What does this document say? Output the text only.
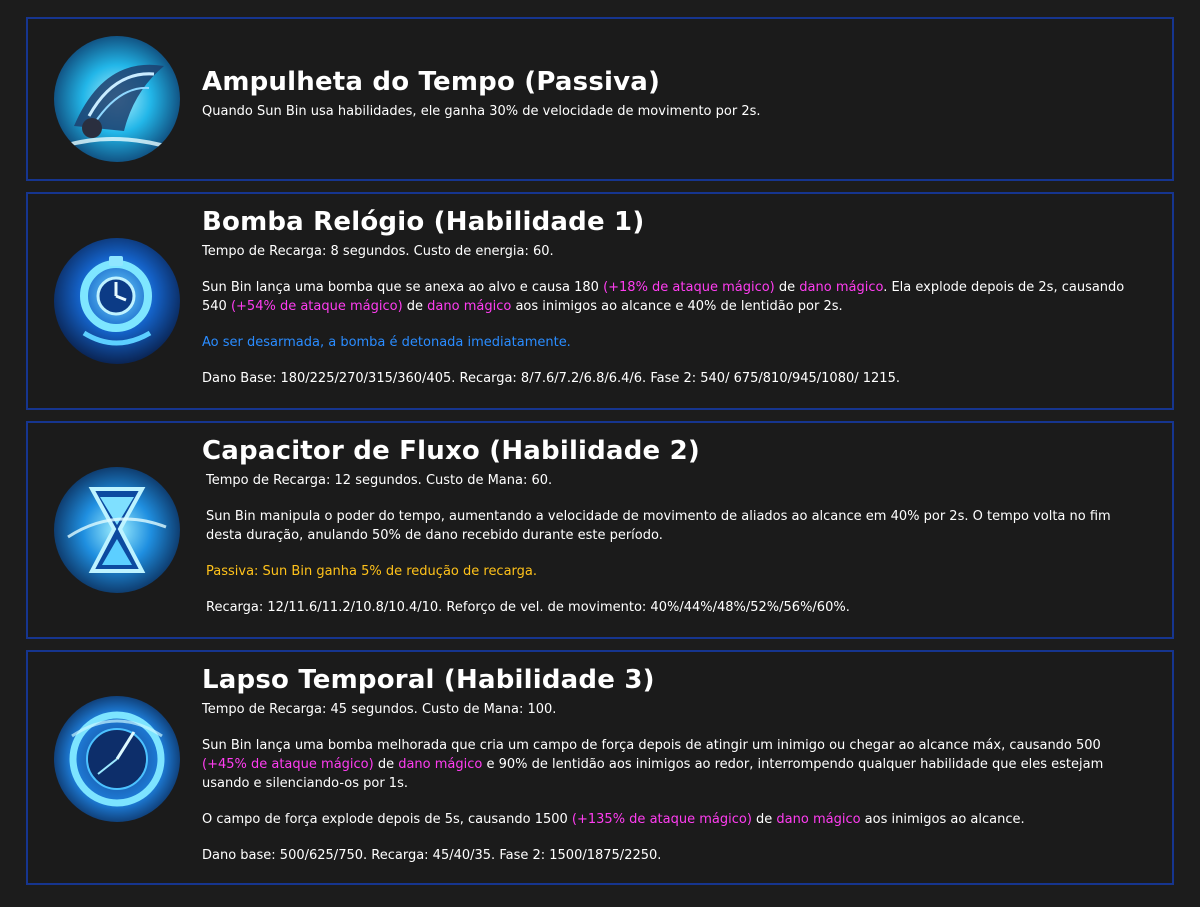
Ampulheta do Tempo (Passiva)

Quando Sun Bin usa habilidades, ele ganha 30% de velocidade de movimento por 2s.

Bomba Relógio (Habilidade 1)

Tempo de Recarga: 8 segundos. Custo de energia: 60.

Sun Bin lança uma bomba que se anexa ao alvo e causa 180 (+18% de ataque mágico) de dano mágico. Ela explode depois de 2s, causando 540 (+54% de ataque mágico) de dano mágico aos inimigos ao alcance e 40% de lentidão por 2s.

Ao ser desarmada, a bomba é detonada imediatamente.

Dano Base: 180/225/270/315/360/405. Recarga: 8/7.6/7.2/6.8/6.4/6. Fase 2: 540/ 675/810/945/1080/ 1215.

Capacitor de Fluxo (Habilidade 2)

Tempo de Recarga: 12 segundos. Custo de Mana: 60.

Sun Bin manipula o poder do tempo, aumentando a velocidade de movimento de aliados ao alcance em 40% por 2s. O tempo volta no fim desta duração, anulando 50% de dano recebido durante este período.

Passiva: Sun Bin ganha 5% de redução de recarga.

Recarga: 12/11.6/11.2/10.8/10.4/10. Reforço de vel. de movimento: 40%/44%/48%/52%/56%/60%.

Lapso Temporal (Habilidade 3)

Tempo de Recarga: 45 segundos. Custo de Mana: 100.

Sun Bin lança uma bomba melhorada que cria um campo de força depois de atingir um inimigo ou chegar ao alcance máx, causando 500 (+45% de ataque mágico) de dano mágico e 90% de lentidão aos inimigos ao redor, interrompendo qualquer habilidade que eles estejam usando e silenciando-os por 1s.

O campo de força explode depois de 5s, causando 1500 (+135% de ataque mágico) de dano mágico aos inimigos ao alcance.

Dano base: 500/625/750. Recarga: 45/40/35. Fase 2: 1500/1875/2250.
